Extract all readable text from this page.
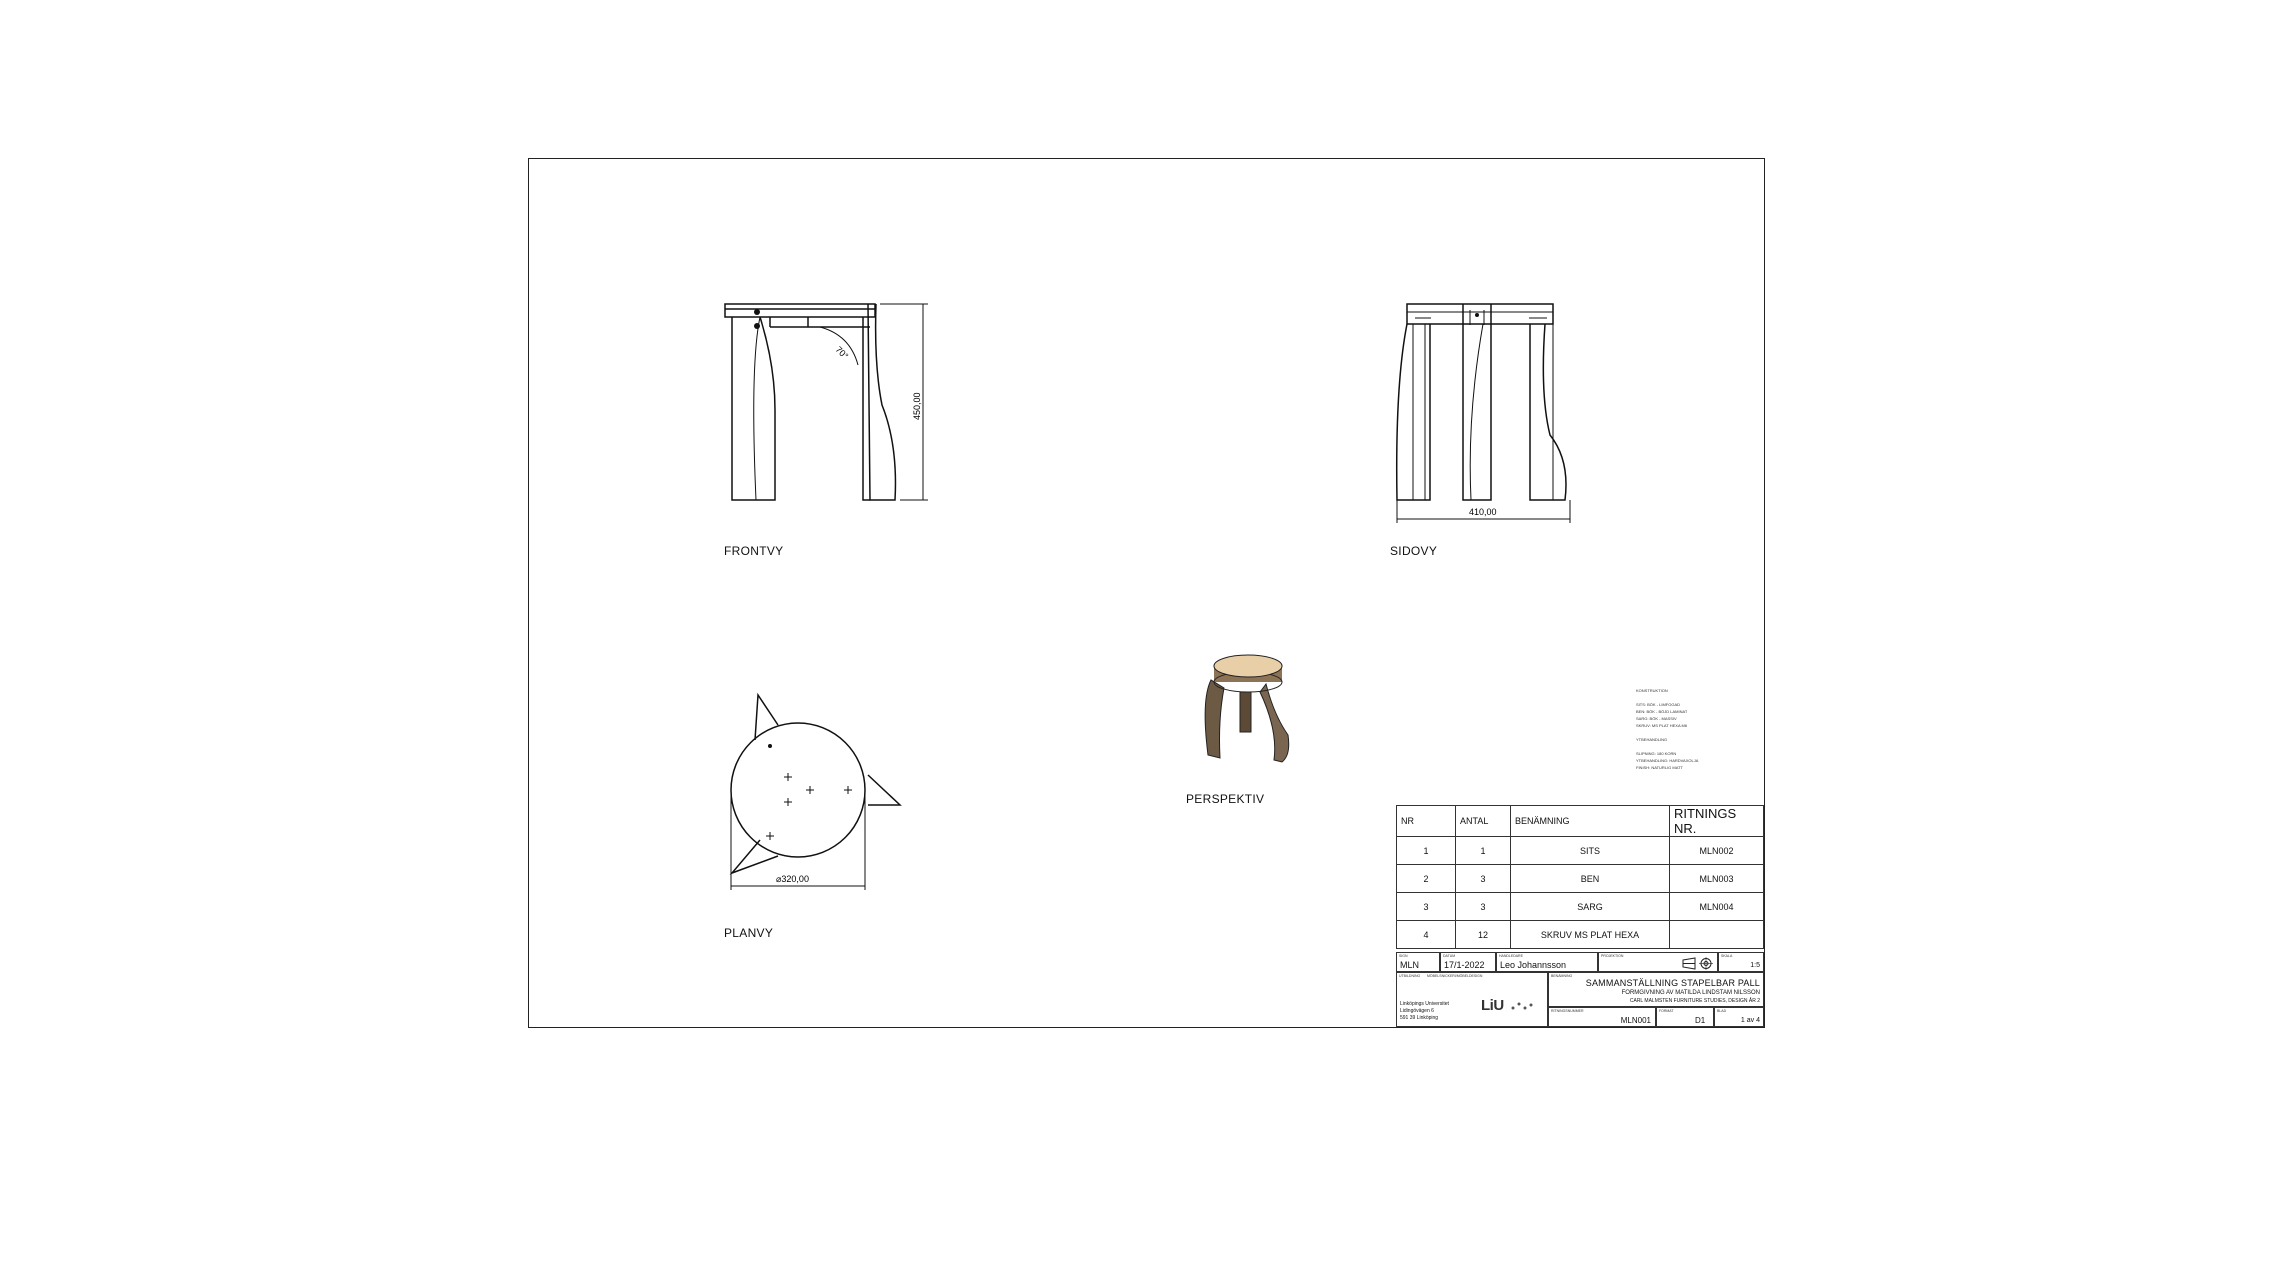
450,00
70°
FRONTVY
410,00
SIDOVY
⌀320,00
PLANVY
PERSPEKTIV
KONSTRUKTION

SITS: BÖK - LIMFOGAD
BEN: BÖK - BÖJD LAMINAT
SARG: BÖK - MASSIV
SKRUV: MS PLAT HEXA M6

YTBEHANDLING

SLIPNING: 180 KORN
YTBEHANDLING: HARDVAXOLJA
FINISH: NATURLIG MATT
NR	ANTAL	BENÄMNING	RITNINGS NR.
1	1	SITS	MLN002
2	3	BEN	MLN003
3	3	SARG	MLN004
4	12	SKRUV MS PLAT HEXA	
SIGN
MLN
DATUM
17/1-2022
HANDLEDARE
Leo Johannsson
PROJEKTION	SKALA
1:5
UTBILDNING MÖBELSNICKERI/MÖBELDESIGN
Linköpings Universitet
Lidingövägen 6
591 39 Linköping
LiU
BENÄMNING
SAMMANSTÄLLNING STAPELBAR PALL
FORMGIVNING AV MATILDA LINDSTAM NILSSON
CARL MALMSTEN FURNITURE STUDIES, DESIGN ÅR 2
RITNINGSNUMMER
MLN001
FORMAT
D1
BLAD
1 av 4
